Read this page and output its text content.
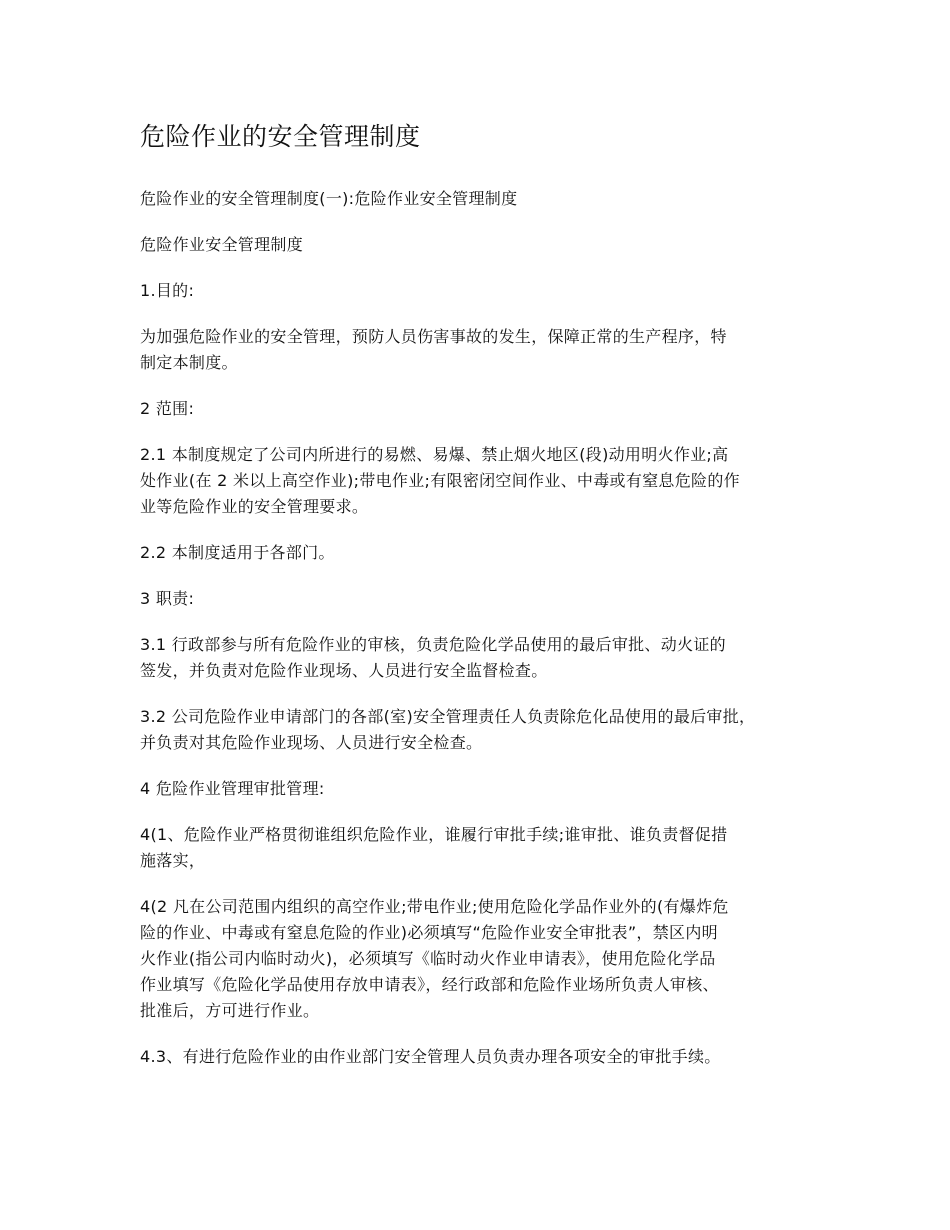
危险作业的安全管理制度

危险作业的安全管理制度(一):危险作业安全管理制度

危险作业安全管理制度

1.目的:

为加强危险作业的安全管理，预防人员伤害事故的发生，保障正常的生产程序，特
制定本制度。

2 范围:

2.1 本制度规定了公司内所进行的易燃、易爆、禁止烟火地区(段)动用明火作业;高
处作业(在 2 米以上高空作业);带电作业;有限密闭空间作业、中毒或有窒息危险的作
业等危险作业的安全管理要求。

2.2 本制度适用于各部门。

3 职责:

3.1 行政部参与所有危险作业的审核，负责危险化学品使用的最后审批、动火证的
签发，并负责对危险作业现场、人员进行安全监督检查。

3.2 公司危险作业申请部门的各部(室)安全管理责任人负责除危化品使用的最后审批，
并负责对其危险作业现场、人员进行安全检查。

4 危险作业管理审批管理:

4(1、危险作业严格贯彻谁组织危险作业，谁履行审批手续;谁审批、谁负责督促措
施落实，

4(2 凡在公司范围内组织的高空作业;带电作业;使用危险化学品作业外的(有爆炸危
险的作业、中毒或有窒息危险的作业)必须填写“危险作业安全审批表”，禁区内明
火作业(指公司内临时动火)，必须填写《临时动火作业申请表》，使用危险化学品
作业填写《危险化学品使用存放申请表》，经行政部和危险作业场所负责人审核、
批准后，方可进行作业。

4.3、有进行危险作业的由作业部门安全管理人员负责办理各项安全的审批手续。
